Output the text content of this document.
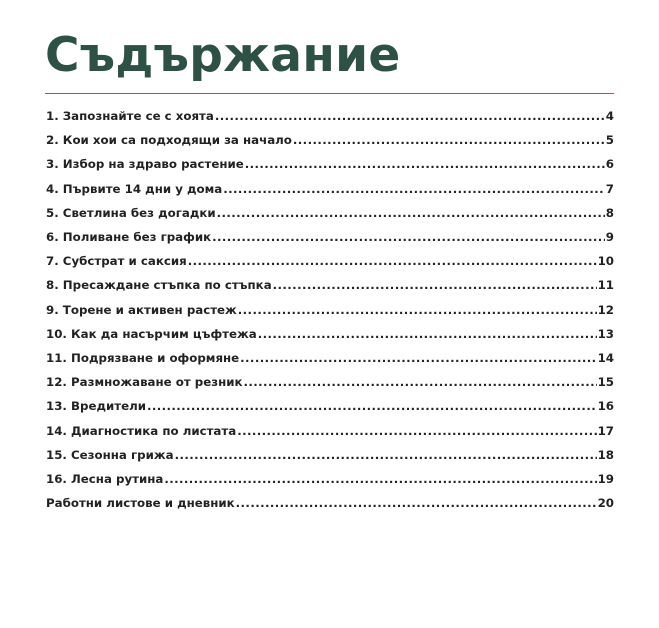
Съдържание
1. Запознайте се с хоята .....	4
2. Кои хои са подходящи за начало .....	5
3. Избор на здраво растение .....	6
4. Първите 14 дни у дома .....	7
5. Светлина без догадки .....	8
6. Поливане без график .....	9
7. Субстрат и саксия .....	10
8. Пресаждане стъпка по стъпка .....	11
9. Торене и активен растеж .....	12
10. Как да насърчим цъфтежа .....	13
11. Подрязване и оформяне .....	14
12. Размножаване от резник .....	15
13. Вредители .....	16
14. Диагностика по листата .....	17
15. Сезонна грижа .....	18
16. Лесна рутина .....	19
Работни листове и дневник .....	20
